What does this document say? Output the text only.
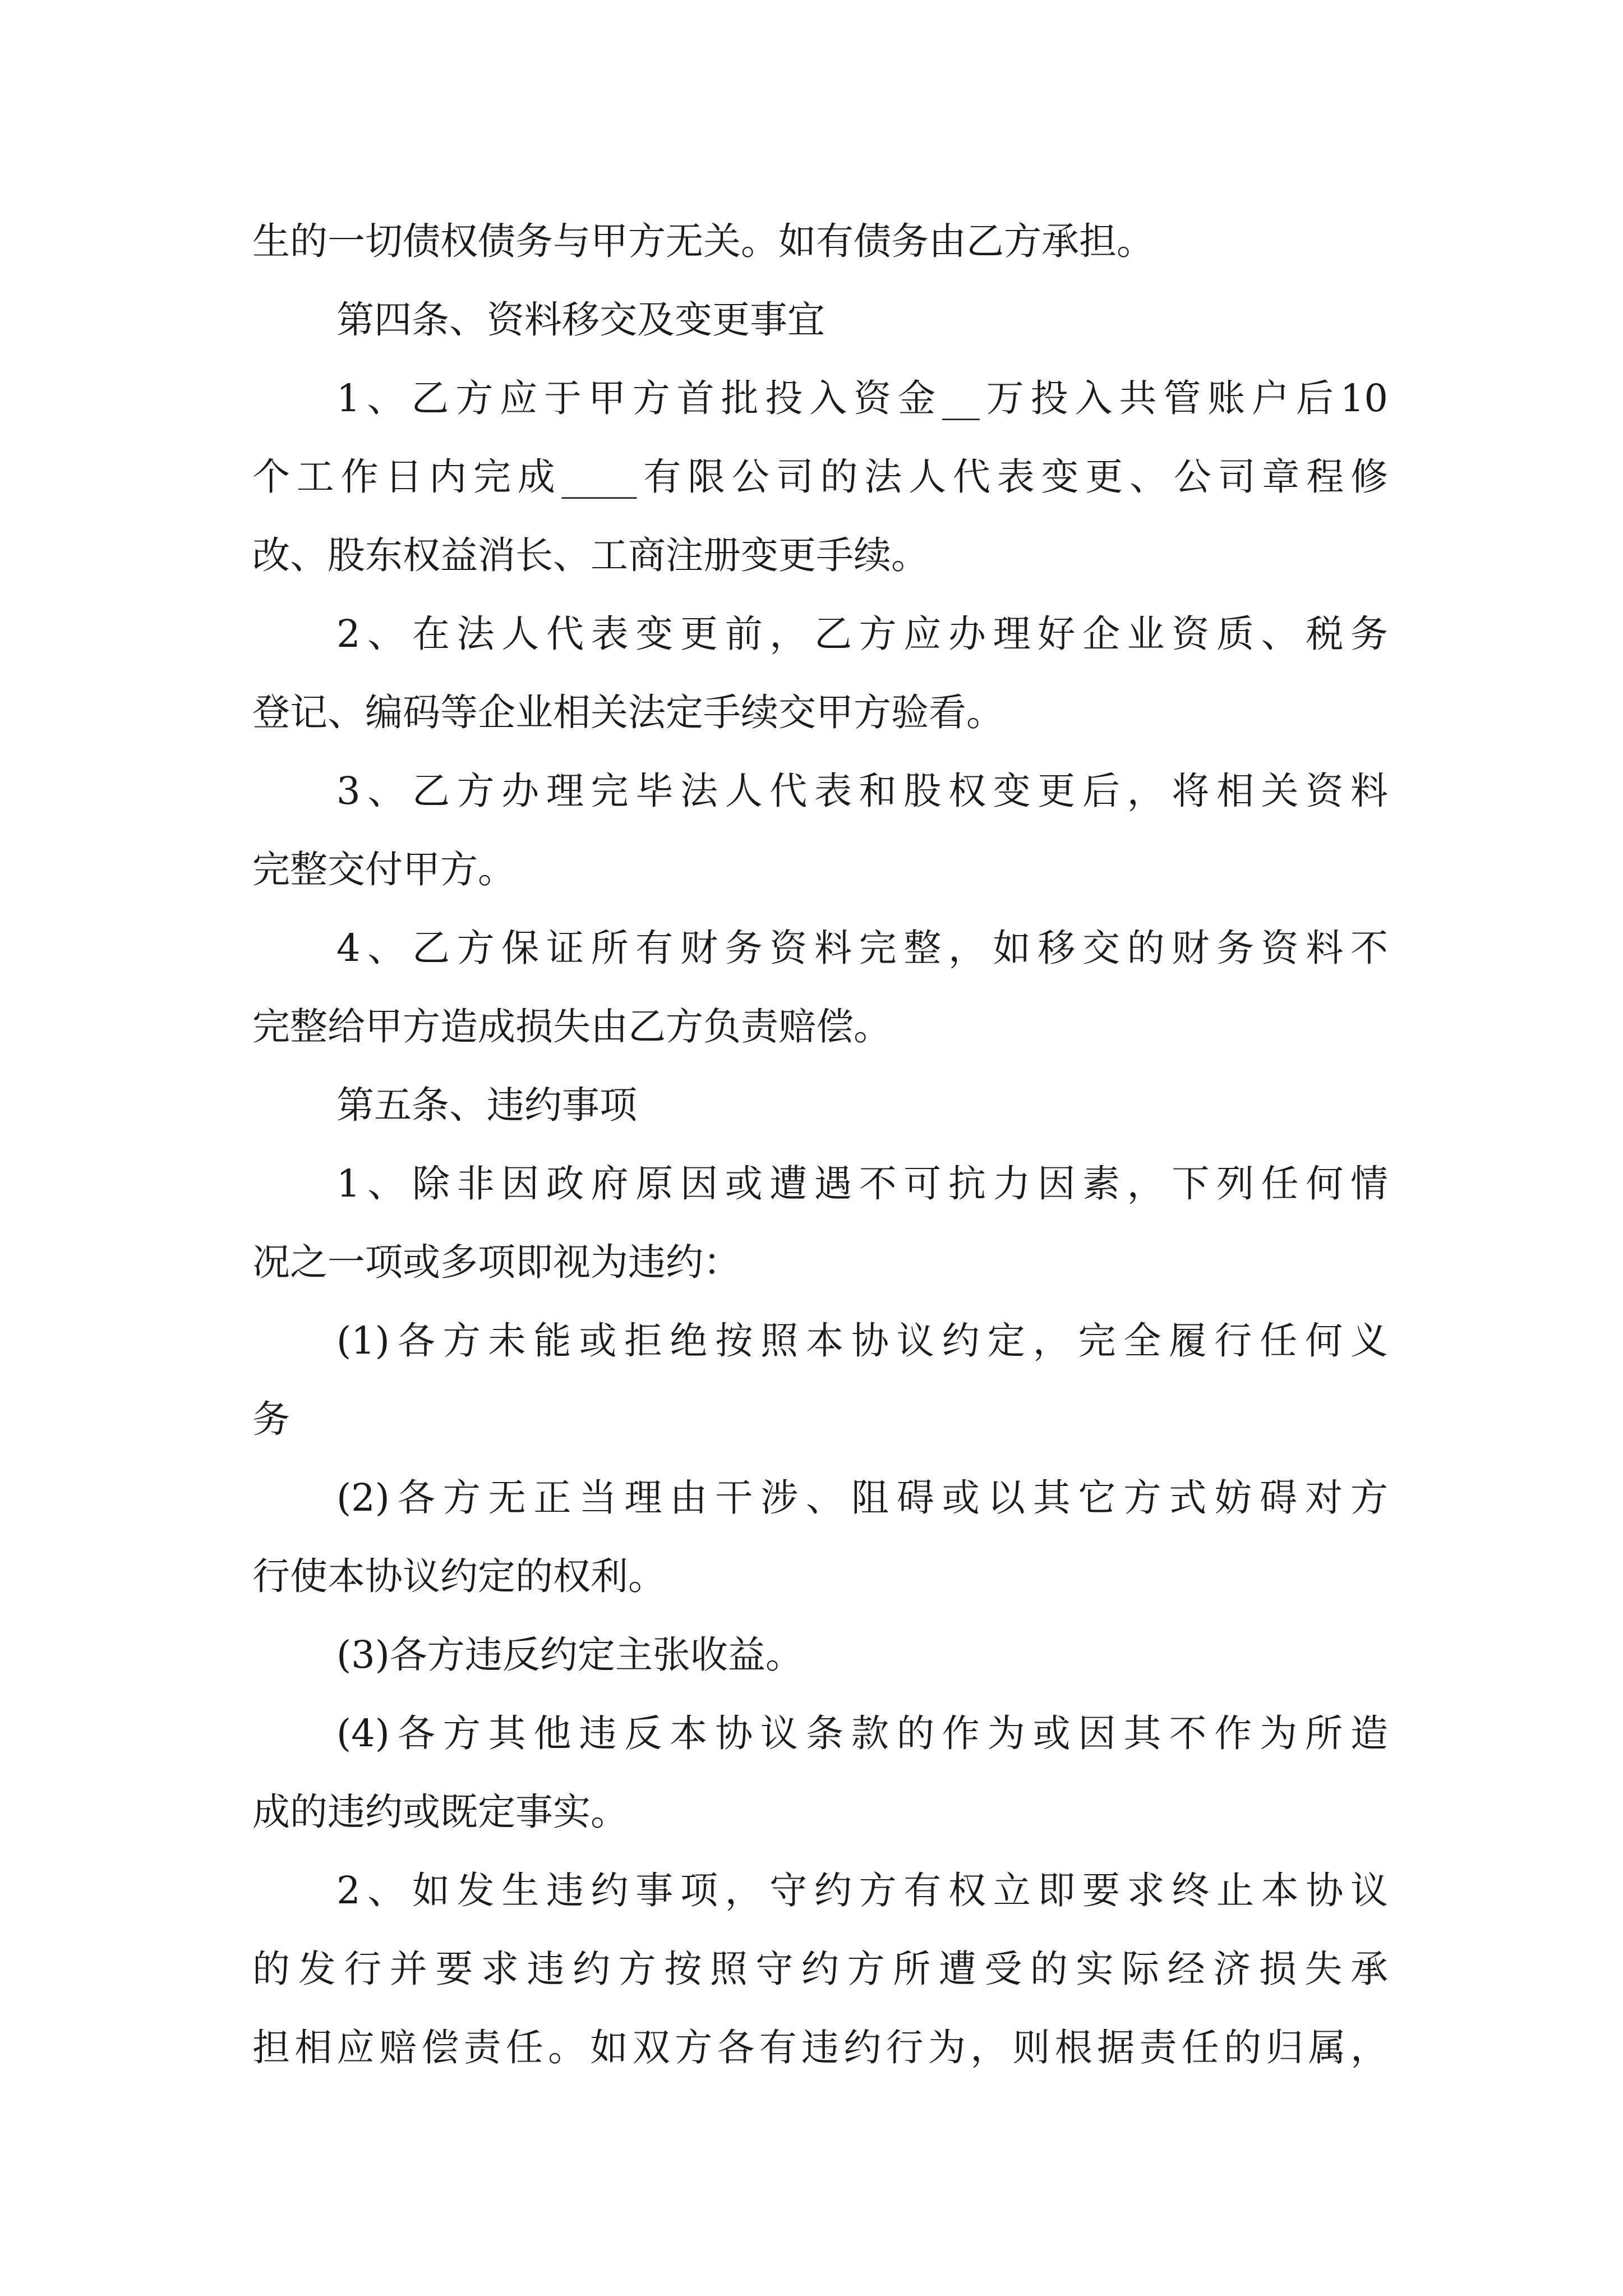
生的一切债权债务与甲方无关。如有债务由乙方承担。
第四条、资料移交及变更事宜
1、乙方应于甲方首批投入资金__万投入共管账户后10
个工作日内完成____有限公司的法人代表变更、公司章程修
改、股东权益消长、工商注册变更手续。
2、在法人代表变更前，乙方应办理好企业资质、税务
登记、编码等企业相关法定手续交甲方验看。
3、乙方办理完毕法人代表和股权变更后，将相关资料
完整交付甲方。
4、乙方保证所有财务资料完整，如移交的财务资料不
完整给甲方造成损失由乙方负责赔偿。
第五条、违约事项
1、除非因政府原因或遭遇不可抗力因素，下列任何情
况之一项或多项即视为违约：
(1)各方未能或拒绝按照本协议约定，完全履行任何义
务
(2)各方无正当理由干涉、阻碍或以其它方式妨碍对方
行使本协议约定的权利。
(3)各方违反约定主张收益。
(4)各方其他违反本协议条款的作为或因其不作为所造
成的违约或既定事实。
2、如发生违约事项，守约方有权立即要求终止本协议
的发行并要求违约方按照守约方所遭受的实际经济损失承
担相应赔偿责任。如双方各有违约行为，则根据责任的归属，
